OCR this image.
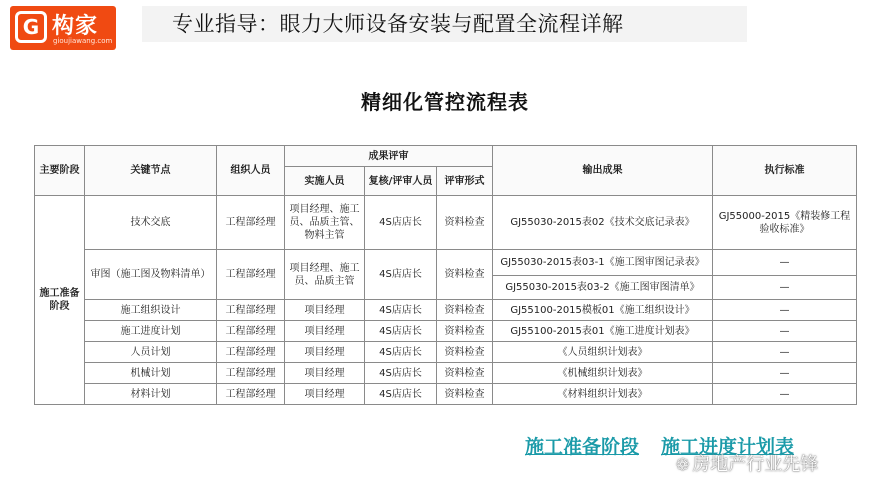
G 构家
gioujiawang.com
专业指导：眼力大师设备安装与配置全流程详解
精细化管控流程表
主要阶段	关键节点	组织人员	成果评审			输出成果	执行标准
			实施人员	复核/评审人员	评审形式		
施工准备阶段	技术交底	工程部经理	项目经理、施工员、品质主管、物料主管	4S店店长	资料检查	GJ55030-2015表02《技术交底记录表》	GJ55000-2015《精装修工程验收标准》
	审图（施工图及物料清单）	工程部经理	项目经理、施工员、品质主管	4S店店长	资料检查	GJ55030-2015表03-1《施工图审图记录表》	—
						GJ55030-2015表03-2《施工图审图清单》	—
	施工组织设计	工程部经理	项目经理	4S店店长	资料检查	GJ55100-2015模板01《施工组织设计》	—
	施工进度计划	工程部经理	项目经理	4S店店长	资料检查	GJ55100-2015表01《施工进度计划表》	—
	人员计划	工程部经理	项目经理	4S店店长	资料检查	《人员组织计划表》	—
	机械计划	工程部经理	项目经理	4S店店长	资料检查	《机械组织计划表》	—
	材料计划	工程部经理	项目经理	4S店店长	资料检查	《材料组织计划表》	—
施工准备阶段 施工进度计划表
❁ 房地产行业先锋
